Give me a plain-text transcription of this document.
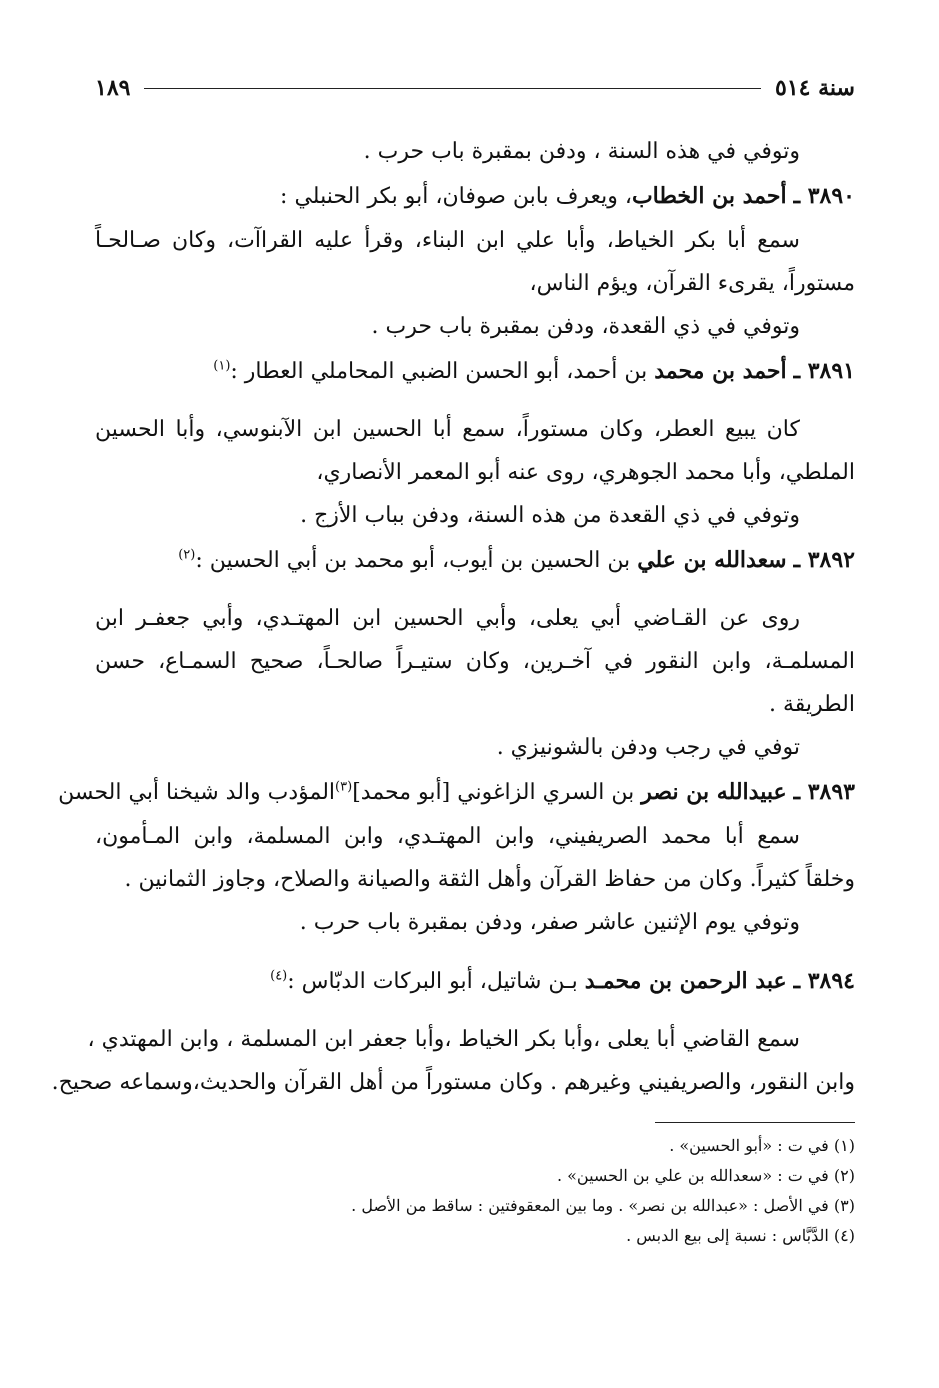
سنة ٥١٤
١٨٩
وتوفي في هذه السنة ، ودفن بمقبرة باب حرب .
٣٨٩٠ ـ أحمد بن الخطاب، ويعرف بابن صوفان، أبو بكر الحنبلي :
سمع أبا بكر الخياط، وأبا علي ابن البناء، وقرأ عليه القراآت، وكان صـالحـاً
مستوراً، يقرىء القرآن، ويؤم الناس،
وتوفي في ذي القعدة، ودفن بمقبرة باب حرب .
٣٨٩١ ـ أحمد بن محمد بن أحمد، أبو الحسن الضبي المحاملي العطار :$^{(١)}$
كان يبيع العطر، وكان مستوراً، سمع أبا الحسين ابن الآبنوسي، وأبا الحسين
الملطي، وأبا محمد الجوهري، روى عنه أبو المعمر الأنصاري،
وتوفي في ذي القعدة من هذه السنة، ودفن بباب الأزج .
٣٨٩٢ ـ سعدالله بن علي بن الحسين بن أيوب، أبو محمد بن أبي الحسين :$^{(٢)}$
روى عن القـاضي أبي يعلى، وأبي الحسين ابن المهتـدي، وأبي جعفـر ابن
المسلمـة، وابن النقور في آخـرين، وكان ستيـراً صالحـاً، صحيح السمـاع، حسن
الطريقة .
توفي في رجب ودفن بالشونيزي .
٣٨٩٣ ـ عبيدالله بن نصر بن السري الزاغوني [أبو محمد]$^{(٣)}$المؤدب والد شيخنا أبي الحسن
سمع أبا محمد الصريفيني، وابن المهتـدي، وابن المسلمة، وابن المـأمون،
وخلقاً كثيراً. وكان من حفاظ القرآن وأهل الثقة والصيانة والصلاح، وجاوز الثمانين .
وتوفي يوم الإثنين عاشر صفر، ودفن بمقبرة باب حرب .
٣٨٩٤ ـ عبد الرحمن بن محمـد بـن شاتيل، أبو البركات الدبّاس :$^{(٤)}$
سمع القاضي أبا يعلى ،وأبا بكر الخياط ،وأبا جعفر ابن المسلمة ، وابن المهتدي ،
وابن النقور، والصريفيني وغيرهم . وكان مستوراً من أهل القرآن والحديث،وسماعه صحيح.
(١) في ت : «أبو الحسين» .
(٢) في ت : «سعدالله بن علي بن الحسين» .
(٣) في الأصل : «عبدالله بن نصر» . وما بين المعقوفتين : ساقط من الأصل .
(٤) الدَّبَّاس : نسبة إلى بيع الدبس .
